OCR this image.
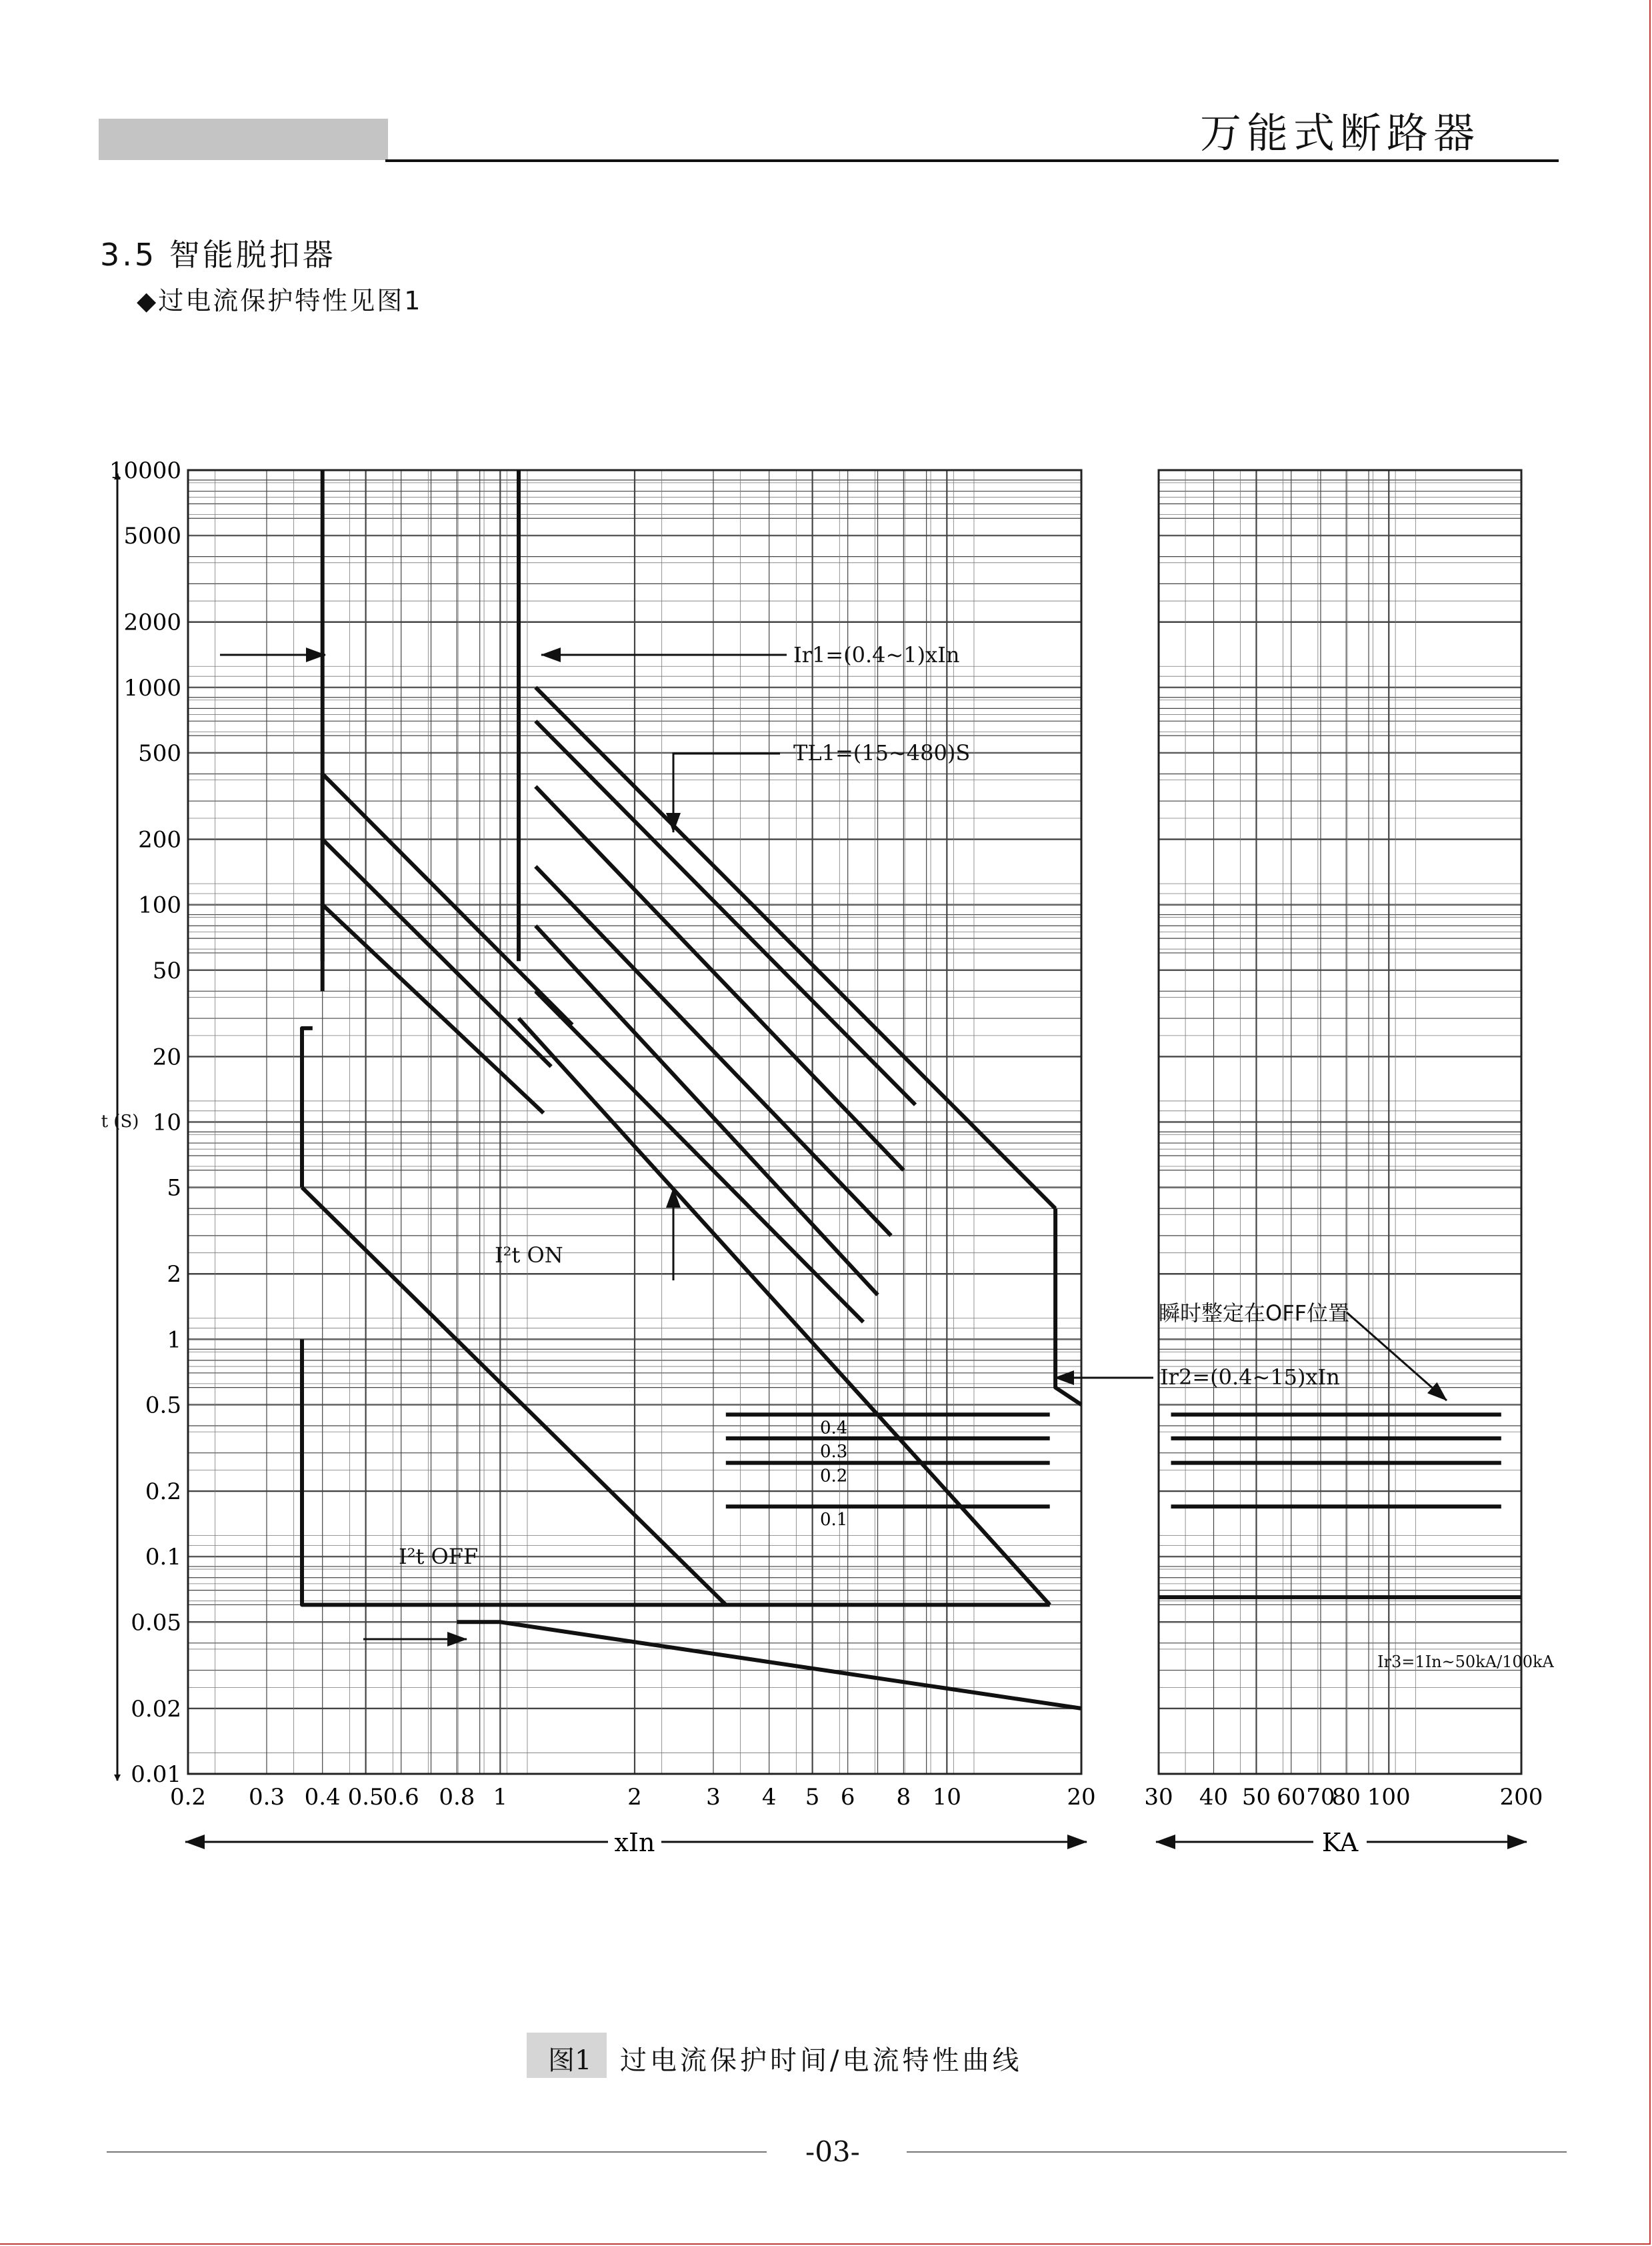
万能式断路器
3.5 智能脱扣器
◆过电流保护特性见图1
10000
5000
2000
1000
500
200
100
50
20
10
5
2
1
0.5
0.2
0.1
0.05
0.02
0.01
t (S)
0.2 0.3 0.4 0.5
0.6 0.8 1	2	3 4 5 6 8 10	20
xIn
30 40 50 60 70
80 100	200
KA
Ir1=(0.4~1)xIn
TL1=(15~480)S
I²t ON
I²t OFF
Ir2=(0.4~15)xIn
瞬时整定在OFF位置
Ir3=1In~50kA/100kA
0.4
0.3
0.2
0.1
图1 过电流保护时间/电流特性曲线
-03-
